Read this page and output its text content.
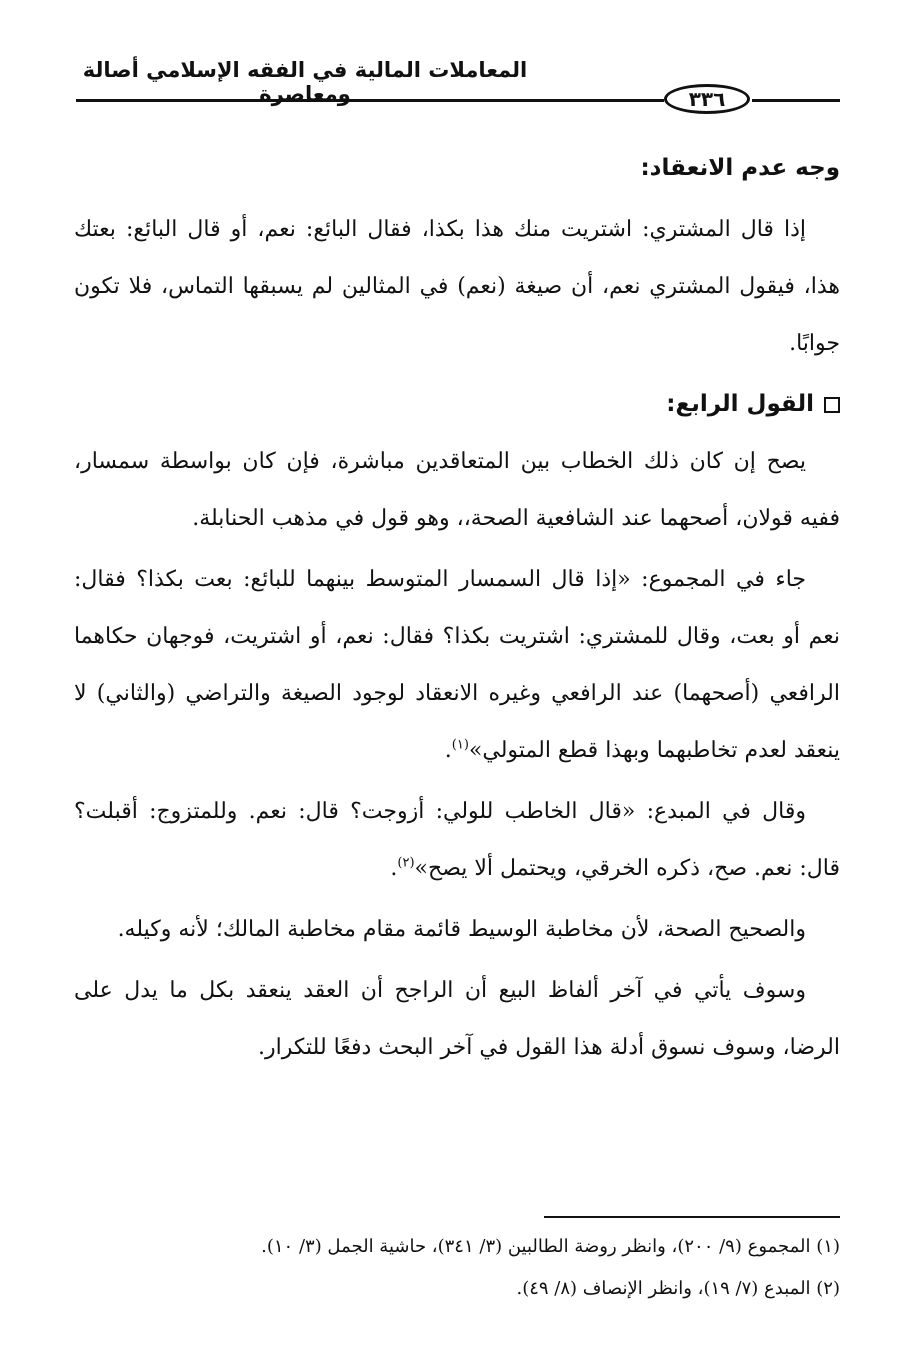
المعاملات المالية في الفقه الإسلامي أصالة ومعاصرة	٣٣٦
وجه عدم الانعقاد:

إذا قال المشتري: اشتريت منك هذا بكذا، فقال البائع: نعم، أو قال البائع: بعتك هذا، فيقول المشتري نعم، أن صيغة (نعم) في المثالين لم يسبقها التماس، فلا تكون جوابًا.

القول الرابع:

يصح إن كان ذلك الخطاب بين المتعاقدين مباشرة، فإن كان بواسطة سمسار، ففيه قولان، أصحهما عند الشافعية الصحة،، وهو قول في مذهب الحنابلة.

جاء في المجموع: «إذا قال السمسار المتوسط بينهما للبائع: بعت بكذا؟ فقال: نعم أو بعت، وقال للمشتري: اشتريت بكذا؟ فقال: نعم، أو اشتريت، فوجهان حكاهما الرافعي (أصحهما) عند الرافعي وغيره الانعقاد لوجود الصيغة والتراضي (والثاني) لا ينعقد لعدم تخاطبهما وبهذا قطع المتولي»$^{(١)}$.

وقال في المبدع: «قال الخاطب للولي: أزوجت؟ قال: نعم. وللمتزوج: أقبلت؟ قال: نعم. صح، ذكره الخرقي، ويحتمل ألا يصح»$^{(٢)}$.

والصحيح الصحة، لأن مخاطبة الوسيط قائمة مقام مخاطبة المالك؛ لأنه وكيله.

وسوف يأتي في آخر ألفاظ البيع أن الراجح أن العقد ينعقد بكل ما يدل على الرضا، وسوف نسوق أدلة هذا القول في آخر البحث دفعًا للتكرار.

(١) المجموع (٩/ ٢٠٠)، وانظر روضة الطالبين (٣/ ٣٤١)، حاشية الجمل (٣/ ١٠).
(٢) المبدع (٧/ ١٩)، وانظر الإنصاف (٨/ ٤٩).
